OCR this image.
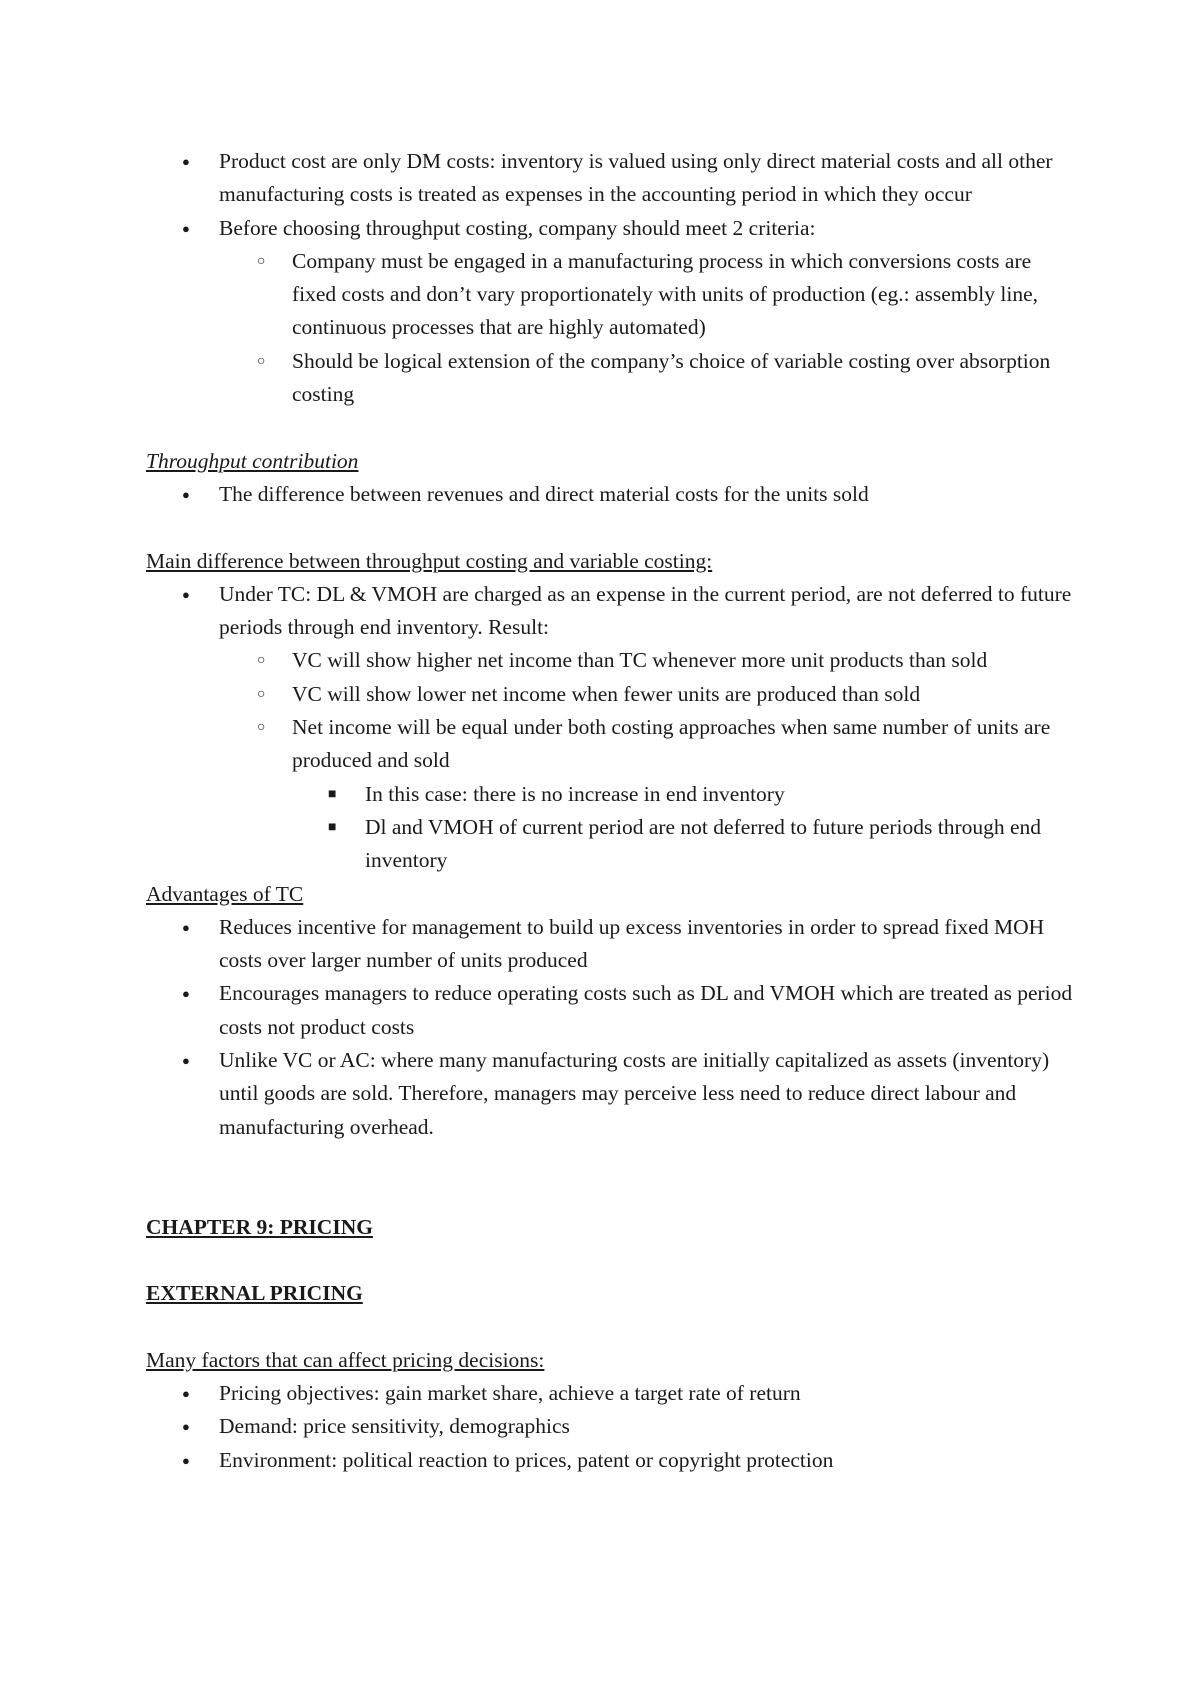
● Product cost are only DM costs: inventory is valued using only direct material costs and all other manufacturing costs is treated as expenses in the accounting period in which they occur
● Before choosing throughput costing, company should meet 2 criteria:
○ Company must be engaged in a manufacturing process in which conversions costs are fixed costs and don’t vary proportionately with units of production (eg.: assembly line, continuous processes that are highly automated)
○ Should be logical extension of the company’s choice of variable costing over absorption costing
Throughput contribution
● The difference between revenues and direct material costs for the units sold
Main difference between throughput costing and variable costing:
● Under TC: DL & VMOH are charged as an expense in the current period, are not deferred to future periods through end inventory. Result:
○ VC will show higher net income than TC whenever more unit products than sold
○ VC will show lower net income when fewer units are produced than sold
○ Net income will be equal under both costing approaches when same number of units are produced and sold
■ In this case: there is no increase in end inventory
■ Dl and VMOH of current period are not deferred to future periods through end inventory
Advantages of TC
● Reduces incentive for management to build up excess inventories in order to spread fixed MOH costs over larger number of units produced
● Encourages managers to reduce operating costs such as DL and VMOH which are treated as period costs not product costs
● Unlike VC or AC: where many manufacturing costs are initially capitalized as assets (inventory) until goods are sold. Therefore, managers may perceive less need to reduce direct labour and manufacturing overhead.
CHAPTER 9: PRICING
EXTERNAL PRICING
Many factors that can affect pricing decisions:
● Pricing objectives: gain market share, achieve a target rate of return
● Demand: price sensitivity, demographics
● Environment: political reaction to prices, patent or copyright protection
